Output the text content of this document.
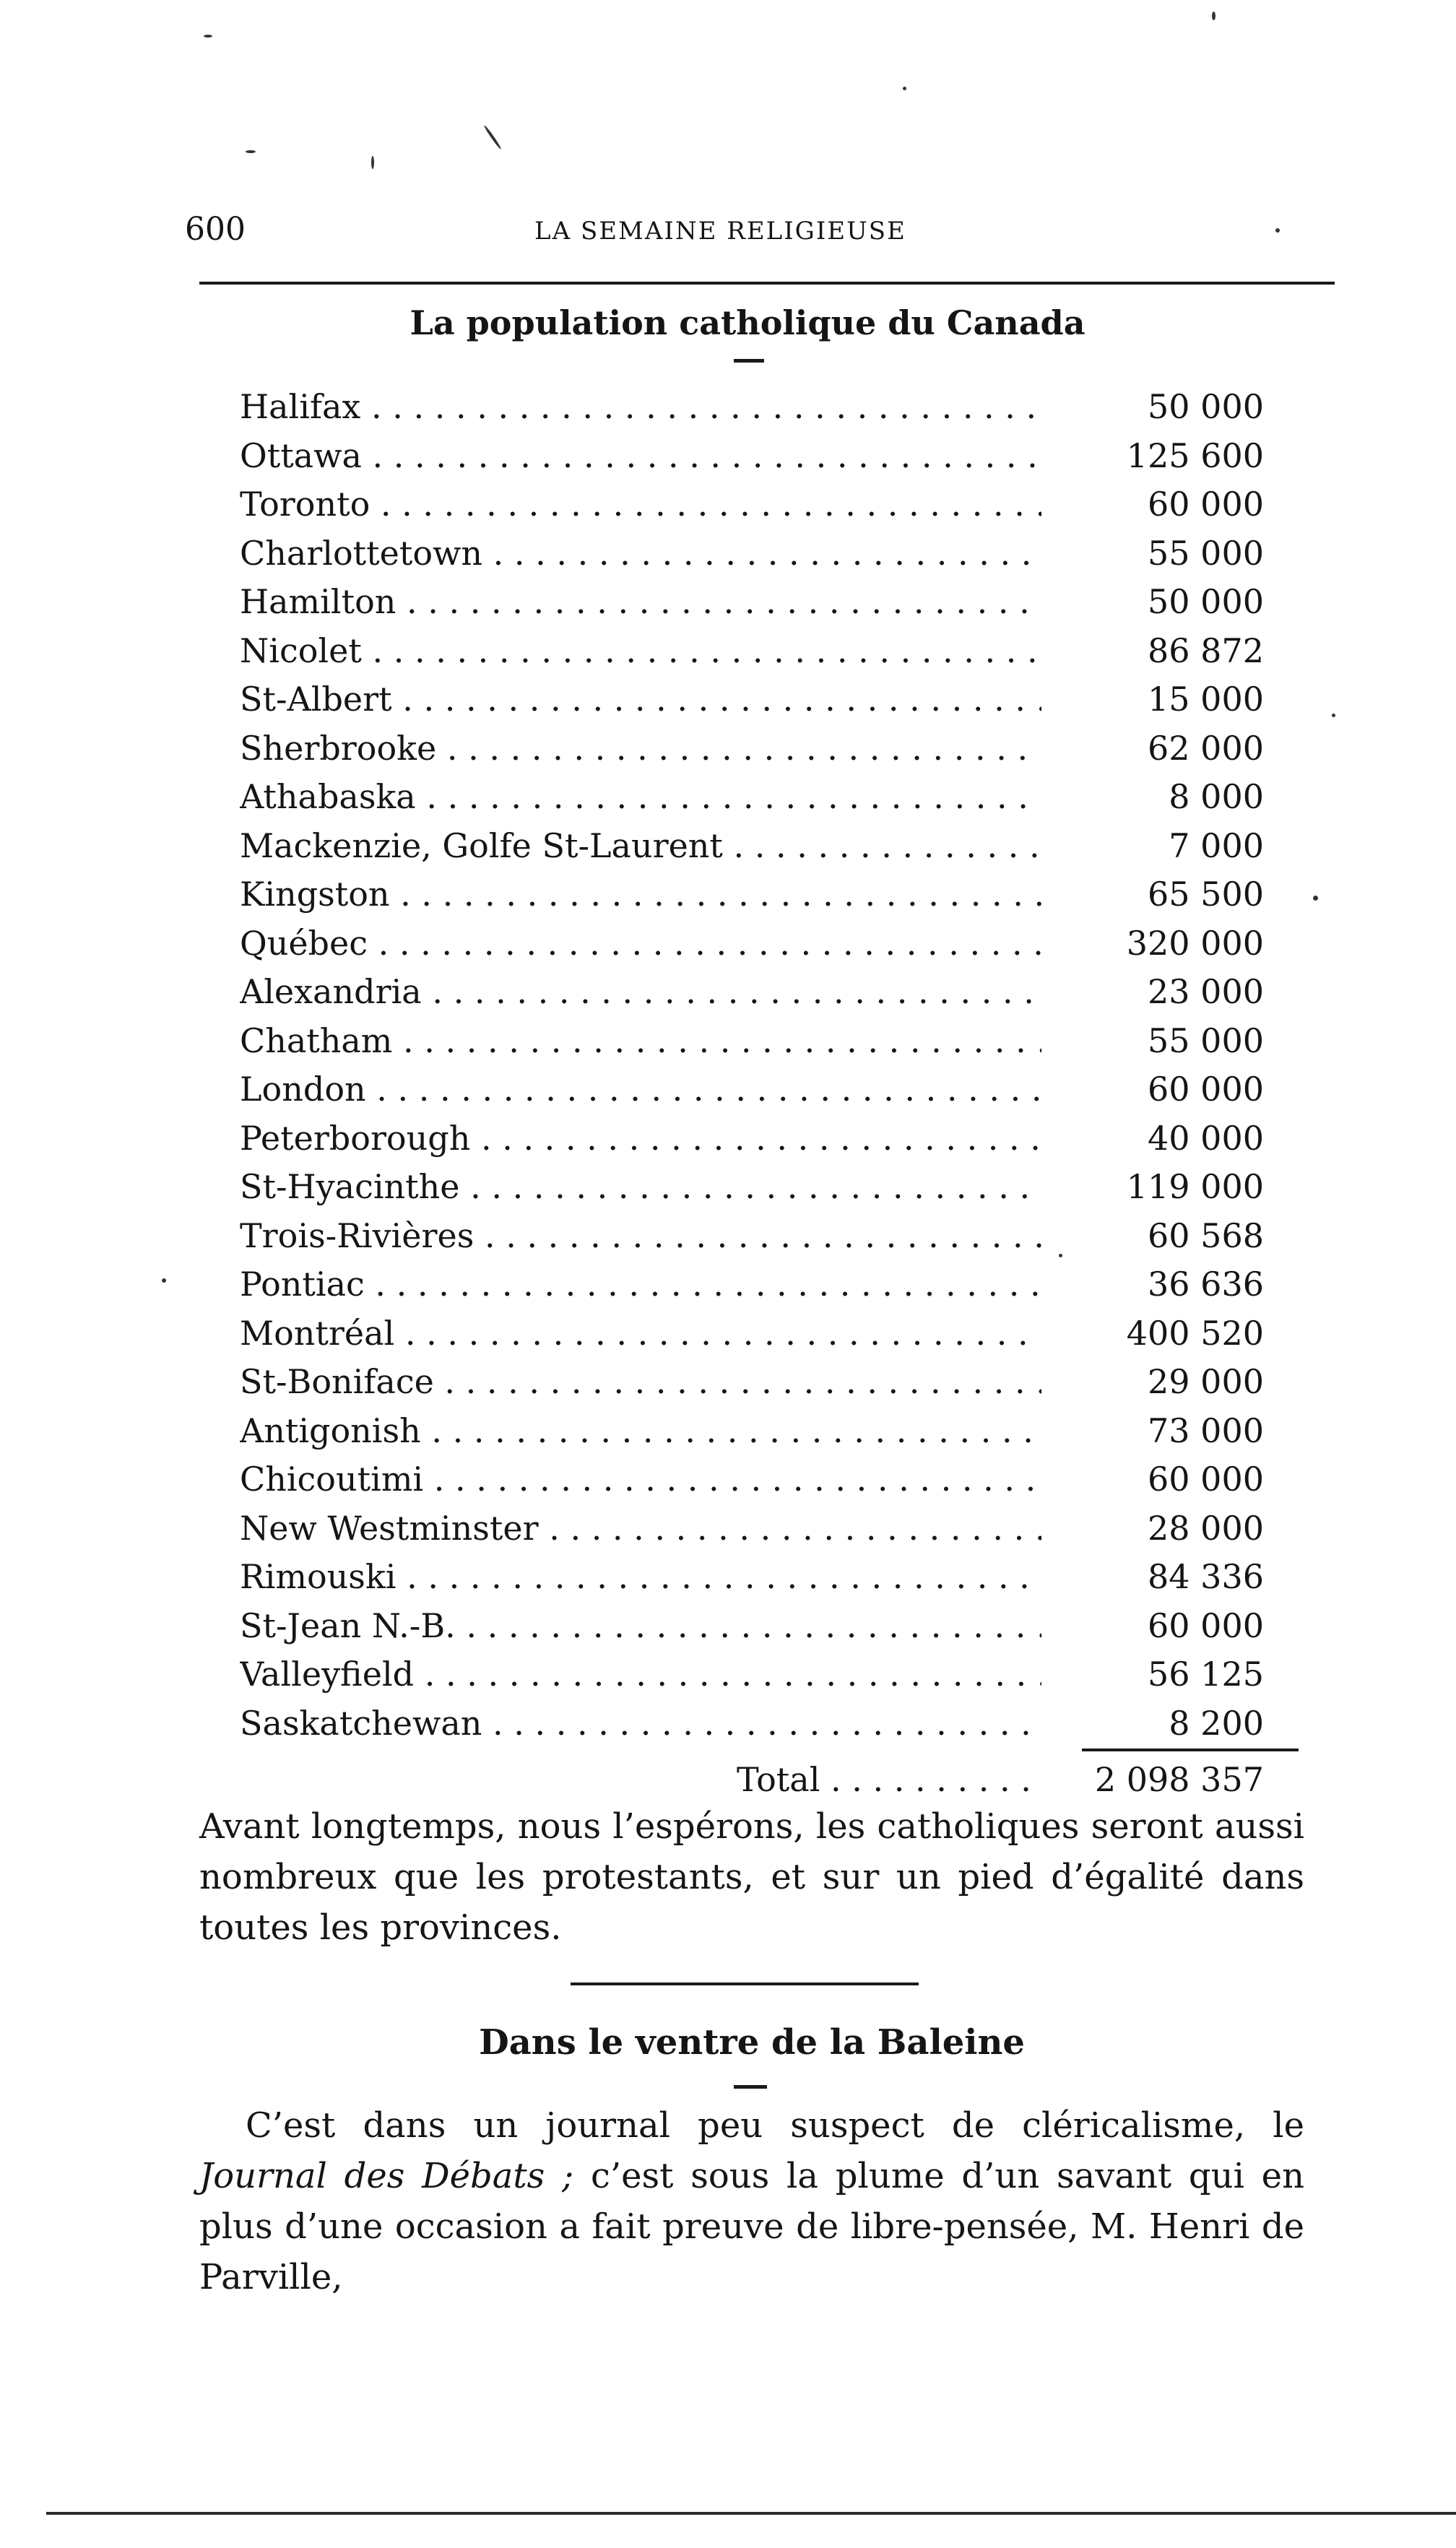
600	LA SEMAINE RELIGIEUSE
La population catholique du Canada
Halifax . . .	50 000
Ottawa . . .	125 600
Toronto . . .	60 000
Charlottetown . . .	55 000
Hamilton . . .	50 000
Nicolet . . .	86 872
St-Albert . . .	15 000
Sherbrooke . . .	62 000
Athabaska . . .	8 000
Mackenzie, Golfe St-Laurent . . .	7 000
Kingston . . .	65 500
Québec . . .	320 000
Alexandria . . .	23 000
Chatham . . .	55 000
London . . .	60 000
Peterborough . . .	40 000
St-Hyacinthe . . .	119 000
Trois-Rivières . . .	60 568
Pontiac . . .	36 636
Montréal . . .	400 520
St-Boniface . . .	29 000
Antigonish . . .	73 000
Chicoutimi . . .	60 000
New Westminster . . .	28 000
Rimouski . . .	84 336
St-Jean N.-B. . . .	60 000
Valleyfield . . .	56 125
Saskatchewan . . .	8 200
Total . . .	2 098 357

Avant longtemps, nous l’espérons, les catholiques seront aussi nombreux que les protestants, et sur un pied d’égalité dans toutes les provinces.

Dans le ventre de la Baleine

C’est dans un journal peu suspect de cléricalisme, le Journal des Débats ; c’est sous la plume d’un savant qui en plus d’une occasion a fait preuve de libre-pensée, M. Henri de Parville,
